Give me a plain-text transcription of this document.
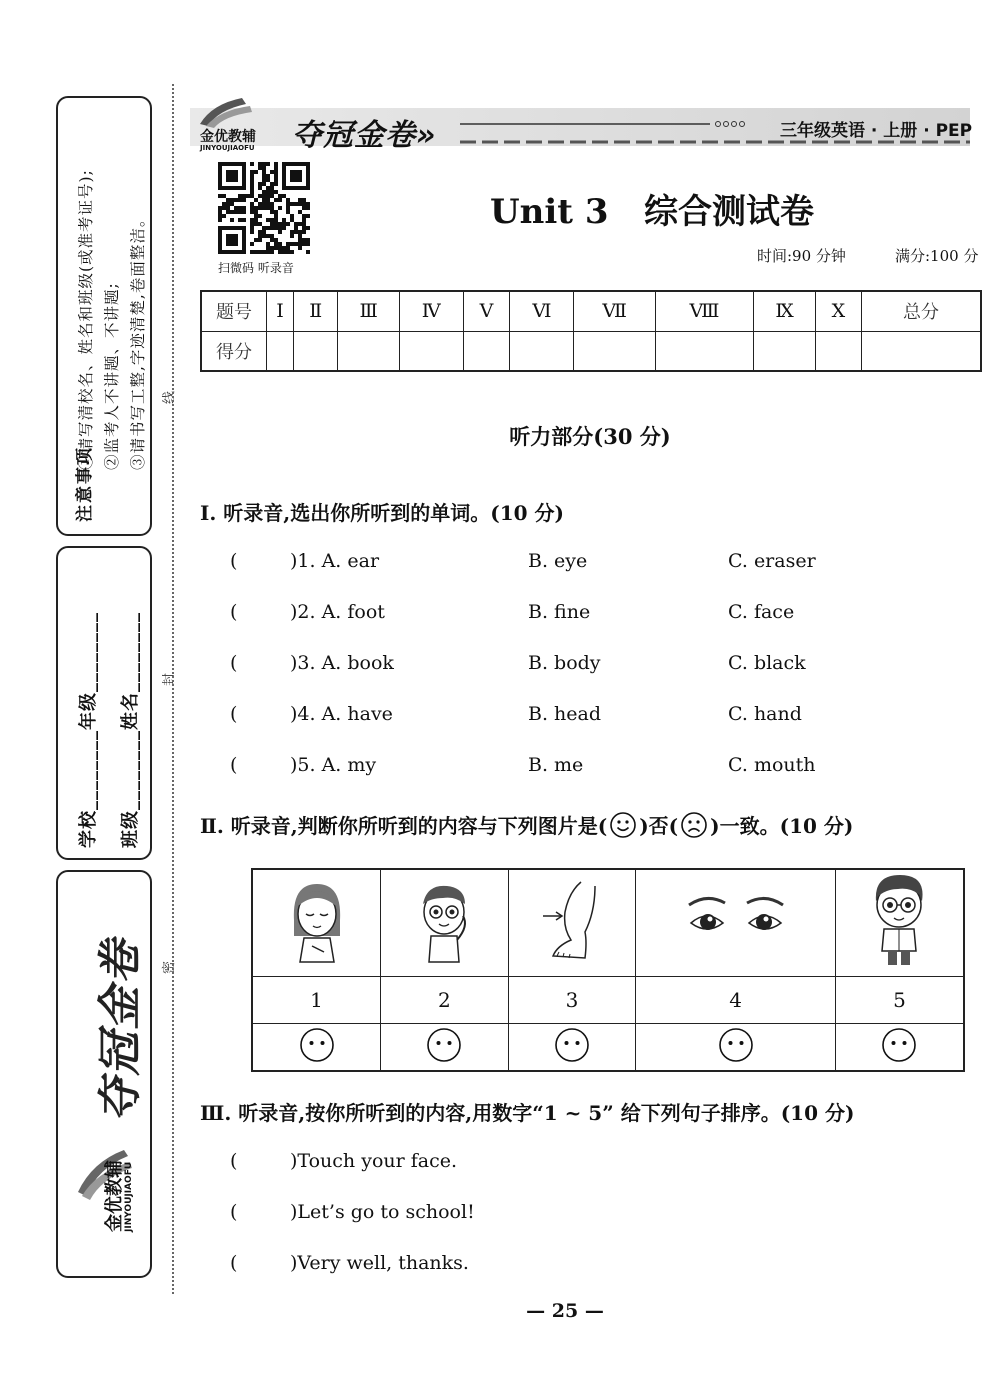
注意事项
①请写清校名、姓名和班级(或准考证号); ②监考人不讲题、不讲题; ③请书写工整,字迹清楚,卷面整洁。
学校________年级________ 班级________姓名________
夺冠金卷
金优教辅 JINYOUJIAOFU
线
封
密
金优教辅
JINYOUJIAOFU 夺冠金卷»	三年级英语 · 上册 · PEP
扫微码 听录音
Unit 3   综合测试卷
时间:90 分钟	满分:100 分
题号	Ⅰ	Ⅱ	Ⅲ	Ⅳ	Ⅴ	Ⅵ	Ⅶ	Ⅷ	Ⅸ	Ⅹ	总分
得分											
听力部分(30 分)
Ⅰ. 听录音,选出你所听到的单词。(10 分)
(	)1. A. ear	B. eye	C. eraser
(	)2. A. foot	B. fine	C. face
(	)3. A. book	B. body	C. black
(	)4. A. have	B. head	C. hand
(	)5. A. my	B. me	C. mouth
Ⅱ. 听录音,判断你所听到的内容与下列图片是( )否( )一致。(10 分)

1	2	3	4	5

Ⅲ. 听录音,按你所听到的内容,用数字“1 ~ 5” 给下列句子排序。(10 分)
(	)Touch your face.
(	)Let’s go to school!
(	)Very well, thanks.
— 25 —
